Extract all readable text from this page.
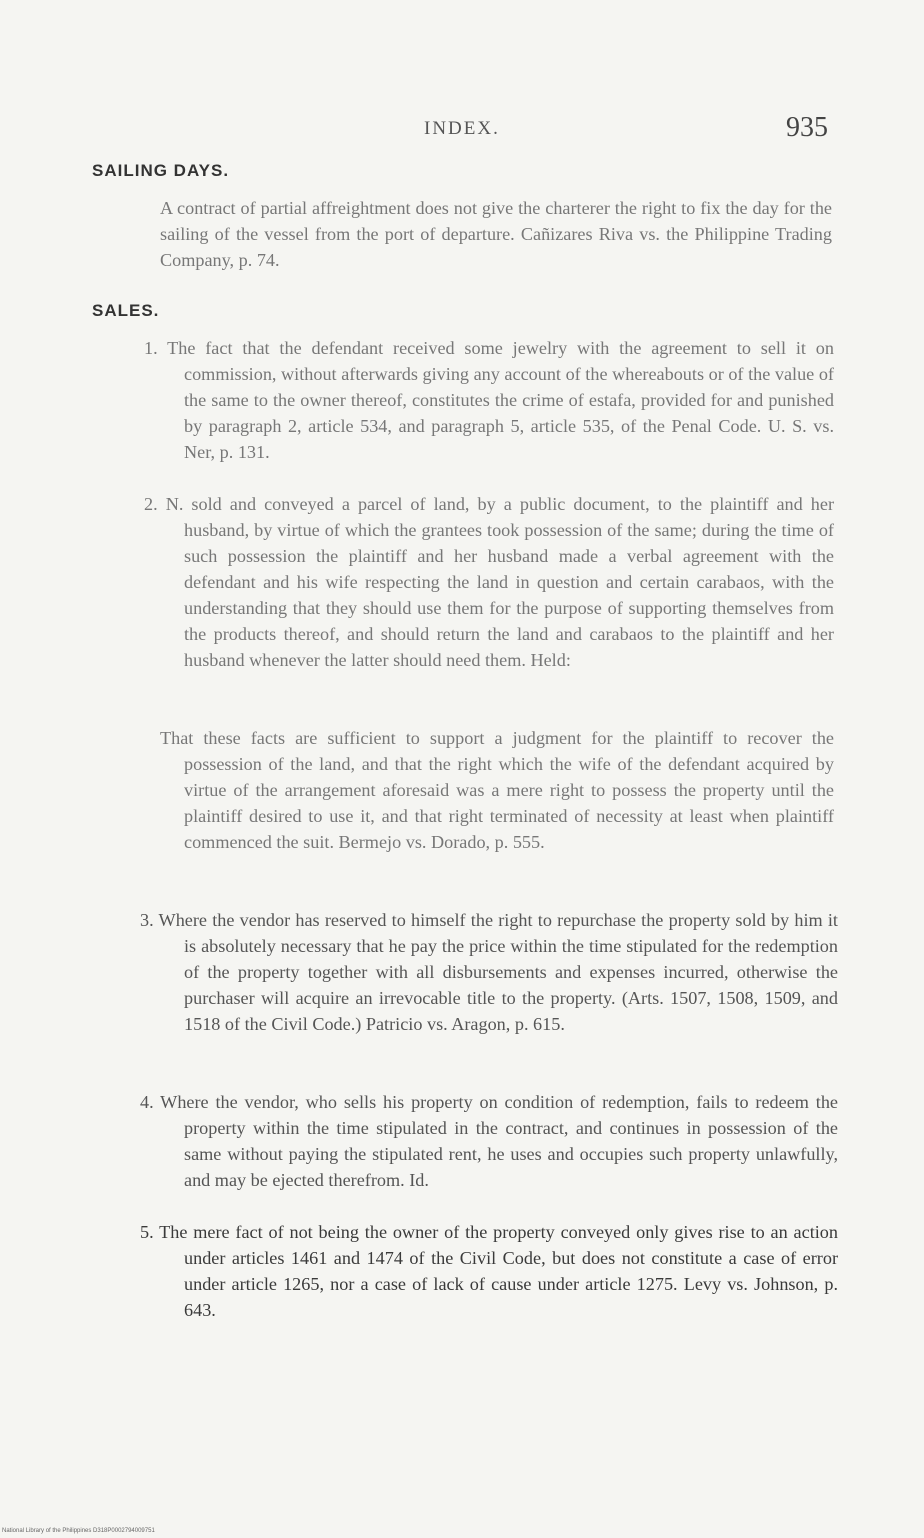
INDEX.	935
SAILING DAYS.
A contract of partial affreightment does not give the charterer the right to fix the day for the sailing of the vessel from the port of departure. Cañizares Riva vs. the Philippine Trading Company, p. 74.
SALES.
1. The fact that the defendant received some jewelry with the agreement to sell it on commission, without afterwards giving any account of the whereabouts or of the value of the same to the owner thereof, constitutes the crime of estafa, provided for and punished by paragraph 2, article 534, and paragraph 5, article 535, of the Penal Code. U. S. vs. Ner, p. 131.
2. N. sold and conveyed a parcel of land, by a public document, to the plaintiff and her husband, by virtue of which the grantees took possession of the same; during the time of such possession the plaintiff and her husband made a verbal agreement with the defendant and his wife respecting the land in question and certain carabaos, with the understanding that they should use them for the purpose of supporting themselves from the products thereof, and should return the land and carabaos to the plaintiff and her husband whenever the latter should need them. Held:
That these facts are sufficient to support a judgment for the plaintiff to recover the possession of the land, and that the right which the wife of the defendant acquired by virtue of the arrangement aforesaid was a mere right to possess the property until the plaintiff desired to use it, and that right terminated of necessity at least when plaintiff commenced the suit. Bermejo vs. Dorado, p. 555.
3. Where the vendor has reserved to himself the right to repurchase the property sold by him it is absolutely necessary that he pay the price within the time stipulated for the redemption of the property together with all disbursements and expenses incurred, otherwise the purchaser will acquire an irrevocable title to the property. (Arts. 1507, 1508, 1509, and 1518 of the Civil Code.) Patricio vs. Aragon, p. 615.
4. Where the vendor, who sells his property on condition of redemption, fails to redeem the property within the time stipulated in the contract, and continues in possession of the same without paying the stipulated rent, he uses and occupies such property unlawfully, and may be ejected therefrom. Id.
5. The mere fact of not being the owner of the property conveyed only gives rise to an action under articles 1461 and 1474 of the Civil Code, but does not constitute a case of error under article 1265, nor a case of lack of cause under article 1275. Levy vs. Johnson, p. 643.
National Library of the Philippines D318P0002794009751
